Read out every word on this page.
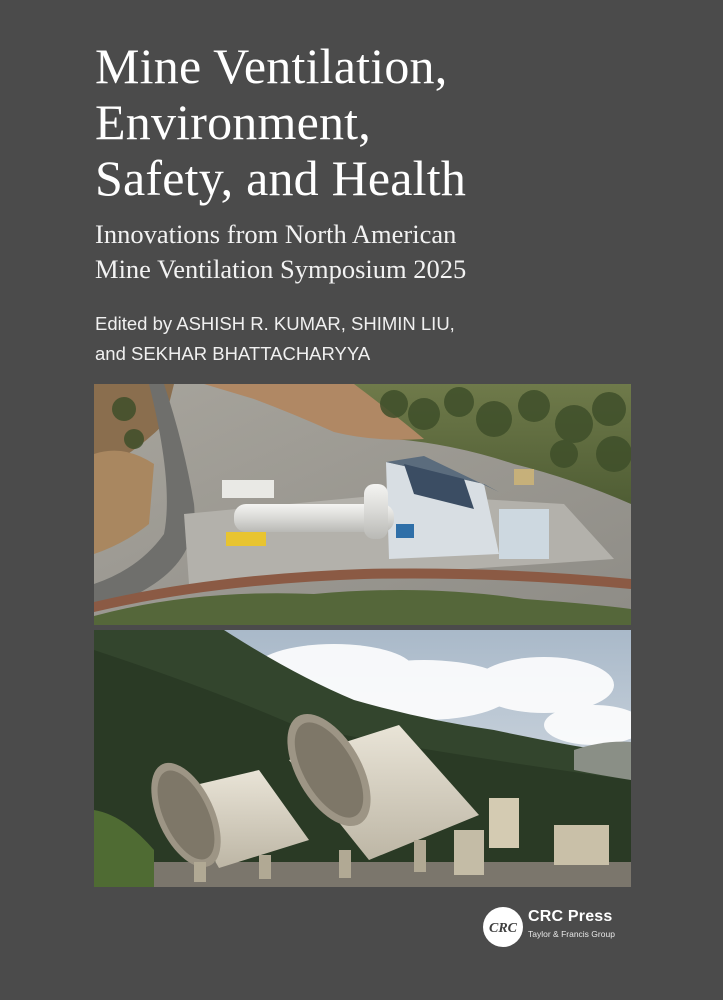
Mine Ventilation,
Environment,
Safety, and Health
Innovations from North American
Mine Ventilation Symposium 2025
Edited by ASHISH R. KUMAR, SHIMIN LIU,
and SEKHAR BHATTACHARYYA
CRC
CRC Press
Taylor & Francis Group
